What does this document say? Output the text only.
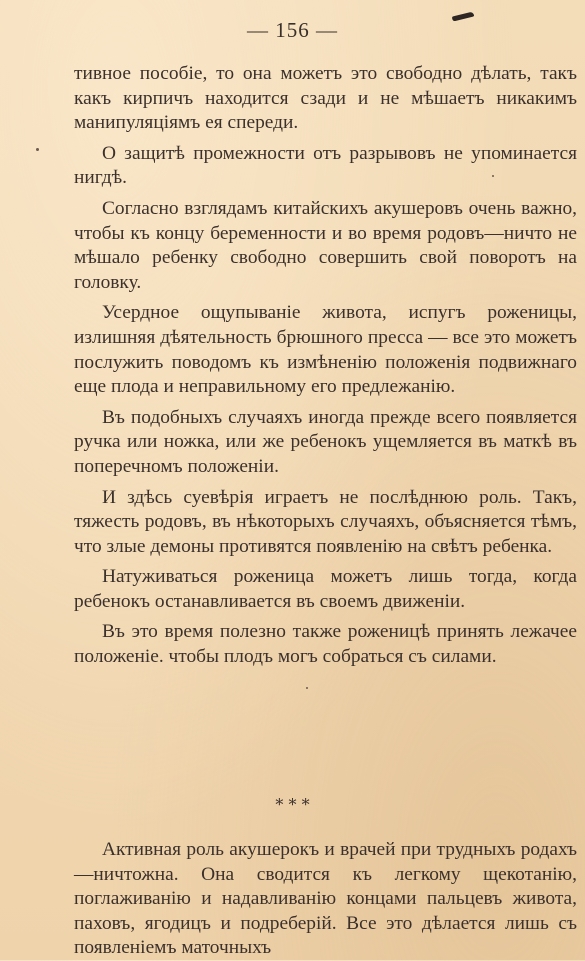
— 156 —

тивное пособiе, то она можетъ это свободно дѣлать, такъ какъ кирпичъ находится сзади и не мѣшаетъ никакимъ манипуляцiямъ ея спереди.

О защитѣ промежности отъ разрывовъ не упоминается нигдѣ.

Согласно взглядамъ китайскихъ акушеровъ очень важно, чтобы къ концу беременности и во время родовъ—ничто не мѣшало ребенку свободно совершить свой поворотъ на головку.

Усердное ощупыванiе живота, испугъ роженицы, излишняя дѣятельность брюшного пресса — все это можетъ послужить поводомъ къ измѣненiю положенiя подвижнаго еще плода и неправильному его предлежанiю.

Въ подобныхъ случаяхъ иногда прежде всего появляется ручка или ножка, или же ребенокъ ущемляется въ маткѣ въ поперечномъ положенiи.

И здѣсь суевѣрiя играетъ не послѣднюю роль. Такъ, тяжесть родовъ, въ нѣкоторыхъ случаяхъ, объясняется тѣмъ, что злые демоны противятся появленiю на свѣтъ ребенка.

Натуживаться роженица можетъ лишь тогда, когда ребенокъ останавливается въ своемъ движенiи.

Въ это время полезно также роженицѣ принять лежачее положенiе. чтобы плодъ могъ собраться съ силами.

* * *

Активная роль акушерокъ и врачей при трудныхъ родахъ—ничтожна. Она сводится къ легкому щекотанiю, поглаживанiю и надавливанiю концами пальцевъ живота, паховъ, ягодицъ и подреберiй. Все это дѣлается лишь съ появленiемъ маточныхъ
